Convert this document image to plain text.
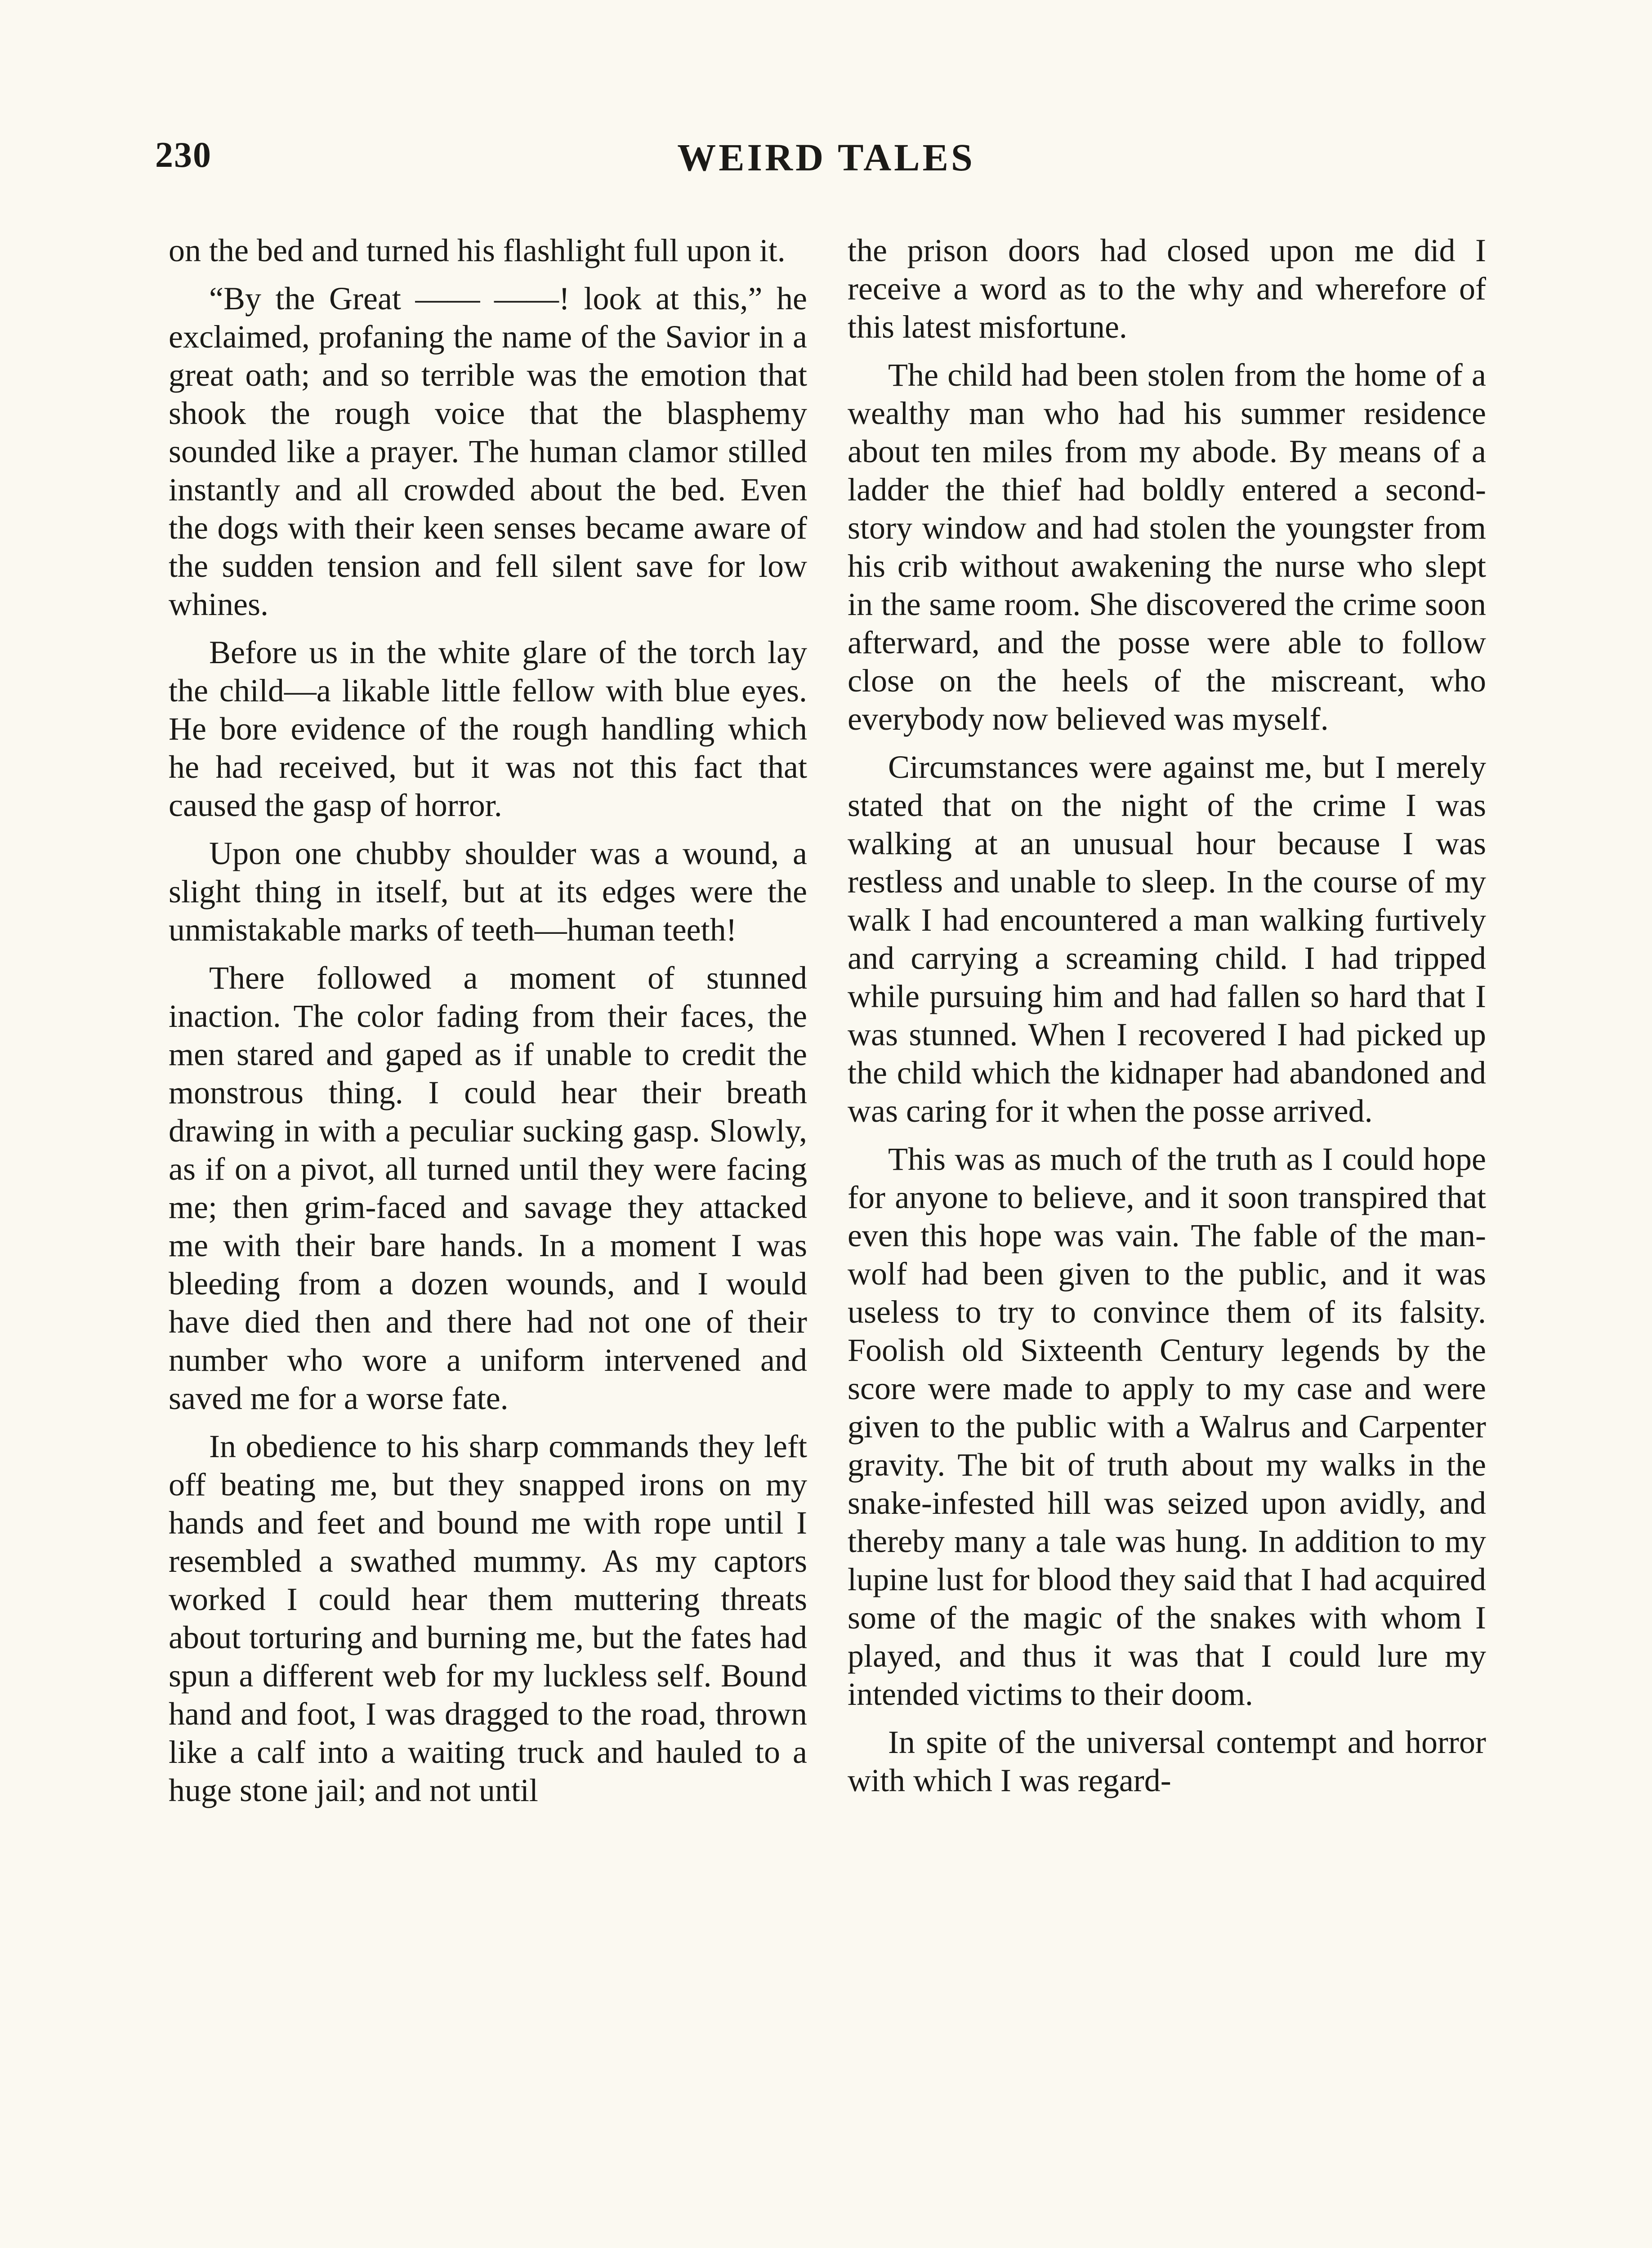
230	WEIRD TALES

on the bed and turned his flashlight full upon it.

“By the Great —— ——! look at this,” he exclaimed, profaning the name of the Savior in a great oath; and so terrible was the emotion that shook the rough voice that the blasphemy sounded like a prayer. The human clamor stilled instantly and all crowded about the bed. Even the dogs with their keen senses became aware of the sudden tension and fell silent save for low whines.

Before us in the white glare of the torch lay the child—a likable little fellow with blue eyes. He bore evidence of the rough handling which he had received, but it was not this fact that caused the gasp of horror.

Upon one chubby shoulder was a wound, a slight thing in itself, but at its edges were the unmistakable marks of teeth—human teeth!

There followed a moment of stunned inaction. The color fading from their faces, the men stared and gaped as if unable to credit the monstrous thing. I could hear their breath drawing in with a peculiar sucking gasp. Slowly, as if on a pivot, all turned until they were facing me; then grim-faced and savage they attacked me with their bare hands. In a moment I was bleeding from a dozen wounds, and I would have died then and there had not one of their number who wore a uniform intervened and saved me for a worse fate.

In obedience to his sharp commands they left off beating me, but they snapped irons on my hands and feet and bound me with rope until I resembled a swathed mummy. As my captors worked I could hear them muttering threats about torturing and burning me, but the fates had spun a different web for my luckless self. Bound hand and foot, I was dragged to the road, thrown like a calf into a waiting truck and hauled to a huge stone jail; and not until

the prison doors had closed upon me did I receive a word as to the why and wherefore of this latest misfortune.

The child had been stolen from the home of a wealthy man who had his summer residence about ten miles from my abode. By means of a ladder the thief had boldly entered a second-story window and had stolen the youngster from his crib without awakening the nurse who slept in the same room. She discovered the crime soon afterward, and the posse were able to follow close on the heels of the miscreant, who everybody now believed was myself.

Circumstances were against me, but I merely stated that on the night of the crime I was walking at an unusual hour because I was restless and unable to sleep. In the course of my walk I had encountered a man walking furtively and carrying a screaming child. I had tripped while pursuing him and had fallen so hard that I was stunned. When I recovered I had picked up the child which the kidnaper had abandoned and was caring for it when the posse arrived.

This was as much of the truth as I could hope for anyone to believe, and it soon transpired that even this hope was vain. The fable of the man-wolf had been given to the public, and it was useless to try to convince them of its falsity. Foolish old Sixteenth Century legends by the score were made to apply to my case and were given to the public with a Walrus and Carpenter gravity. The bit of truth about my walks in the snake-infested hill was seized upon avidly, and thereby many a tale was hung. In addition to my lupine lust for blood they said that I had acquired some of the magic of the snakes with whom I played, and thus it was that I could lure my intended victims to their doom.

In spite of the universal contempt and horror with which I was regard-
